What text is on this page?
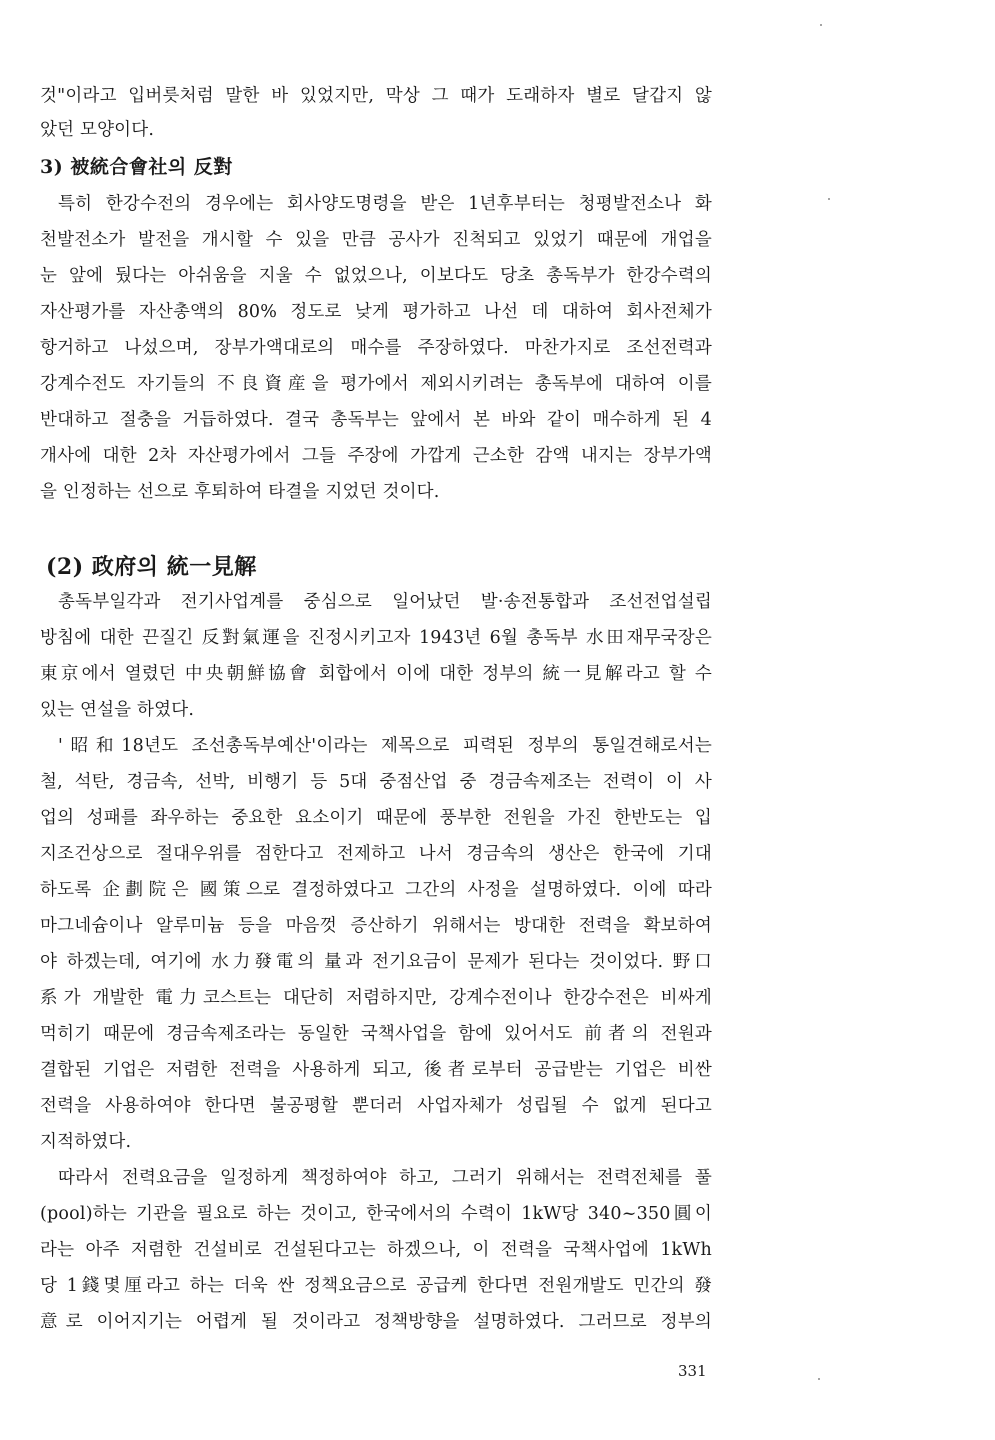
것"이라고 입버릇처럼 말한 바 있었지만, 막상 그 때가 도래하자 별로 달갑지 않
았던 모양이다.
3) 被統合會社의 反對
특히 한강수전의 경우에는 회사양도명령을 받은 1년후부터는 청평발전소나 화
천발전소가 발전을 개시할 수 있을 만큼 공사가 진척되고 있었기 때문에 개업을
눈 앞에 뒀다는 아쉬움을 지울 수 없었으나, 이보다도 당초 총독부가 한강수력의
자산평가를 자산총액의 80% 정도로 낮게 평가하고 나선 데 대하여 회사전체가
항거하고 나섰으며, 장부가액대로의 매수를 주장하였다. 마찬가지로 조선전력과
강계수전도 자기들의 不良資産을 평가에서 제외시키려는 총독부에 대하여 이를
반대하고 절충을 거듭하였다. 결국 총독부는 앞에서 본 바와 같이 매수하게 된 4
개사에 대한 2차 자산평가에서 그들 주장에 가깝게 근소한 감액 내지는 장부가액
을 인정하는 선으로 후퇴하여 타결을 지었던 것이다.
(2) 政府의 統一見解
총독부일각과 전기사업계를 중심으로 일어났던 발·송전통합과 조선전업설립
방침에 대한 끈질긴 反對氣運을 진정시키고자 1943년 6월 총독부 水田재무국장은
東京에서 열렸던 中央朝鮮協會 회합에서 이에 대한 정부의 統一見解라고 할 수
있는 연설을 하였다.
'昭和18년도 조선총독부예산'이라는 제목으로 피력된 정부의 통일견해로서는
철, 석탄, 경금속, 선박, 비행기 등 5대 중점산업 중 경금속제조는 전력이 이 사
업의 성패를 좌우하는 중요한 요소이기 때문에 풍부한 전원을 가진 한반도는 입
지조건상으로 절대우위를 점한다고 전제하고 나서 경금속의 생산은 한국에 기대
하도록 企劃院은 國策으로 결정하였다고 그간의 사정을 설명하였다. 이에 따라
마그네슘이나 알루미늄 등을 마음껏 증산하기 위해서는 방대한 전력을 확보하여
야 하겠는데, 여기에 水力發電의 量과 전기요금이 문제가 된다는 것이었다. 野口
系가 개발한 電力코스트는 대단히 저렴하지만, 강계수전이나 한강수전은 비싸게
먹히기 때문에 경금속제조라는 동일한 국책사업을 함에 있어서도 前者의 전원과
결합된 기업은 저렴한 전력을 사용하게 되고, 後者로부터 공급받는 기업은 비싼
전력을 사용하여야 한다면 불공평할 뿐더러 사업자체가 성립될 수 없게 된다고
지적하였다.
따라서 전력요금을 일정하게 책정하여야 하고, 그러기 위해서는 전력전체를 풀
(pool)하는 기관을 필요로 하는 것이고, 한국에서의 수력이 1kW당 340~350圓이
라는 아주 저렴한 건설비로 건설된다고는 하겠으나, 이 전력을 국책사업에 1kWh
당 1錢몇厘라고 하는 더욱 싼 정책요금으로 공급케 한다면 전원개발도 민간의 發
意로 이어지기는 어렵게 될 것이라고 정책방향을 설명하였다. 그러므로 정부의
331
